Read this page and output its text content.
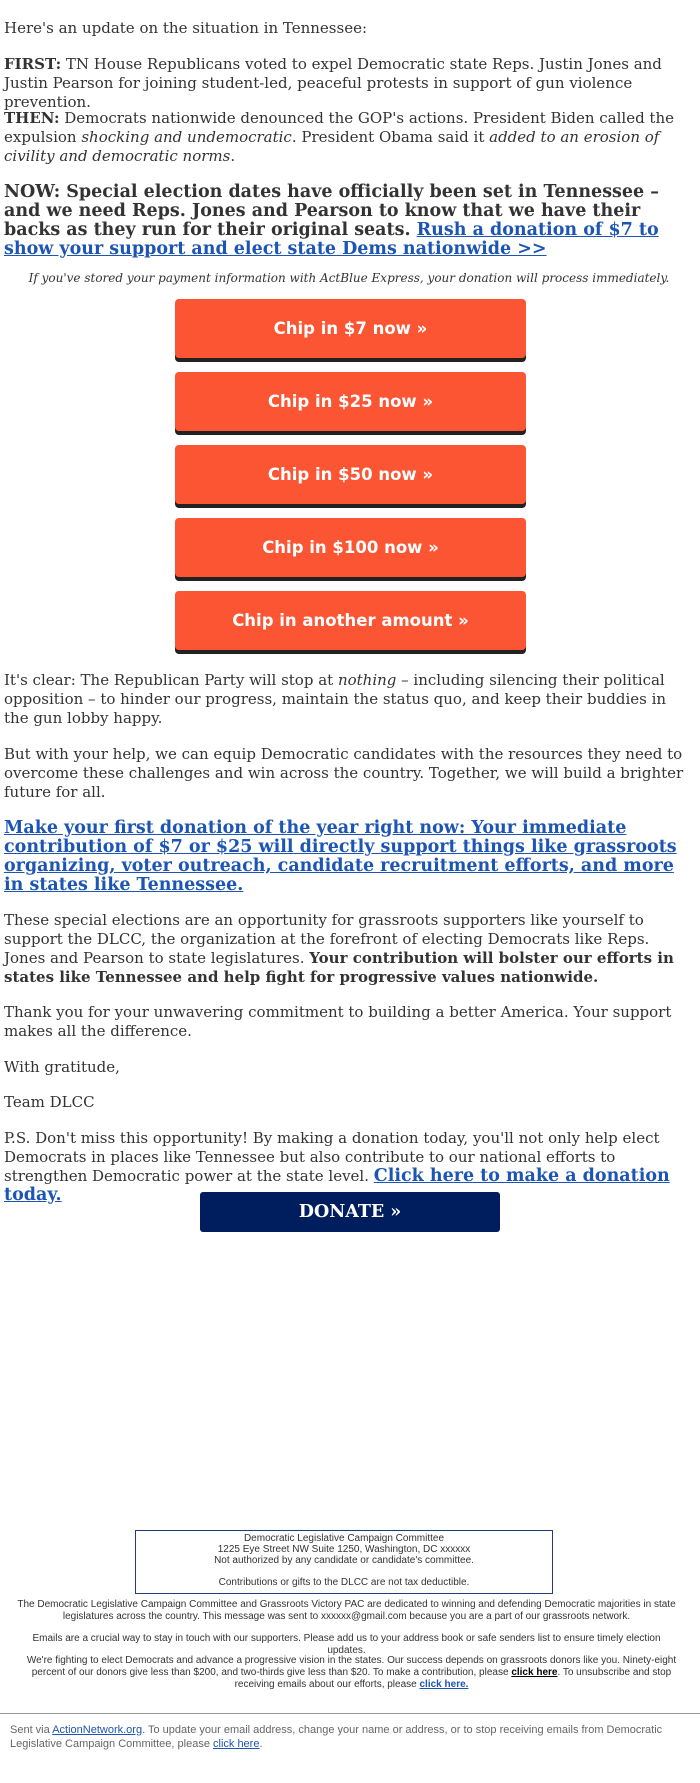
Here's an update on the situation in Tennessee:

FIRST: TN House Republicans voted to expel Democratic state Reps. Justin Jones and Justin Pearson for joining student-led, peaceful protests in support of gun violence prevention.

THEN: Democrats nationwide denounced the GOP's actions. President Biden called the expulsion shocking and undemocratic. President Obama said it added to an erosion of civility and democratic norms.

NOW: Special election dates have officially been set in Tennessee – and we need Reps. Jones and Pearson to know that we have their backs as they run for their original seats. Rush a donation of $7 to show your support and elect state Dems nationwide >>

If you've stored your payment information with ActBlue Express, your donation will process immediately.

Chip in $7 now »
Chip in $25 now »
Chip in $50 now »
Chip in $100 now »
Chip in another amount »

It's clear: The Republican Party will stop at nothing – including silencing their political opposition – to hinder our progress, maintain the status quo, and keep their buddies in the gun lobby happy.

But with your help, we can equip Democratic candidates with the resources they need to overcome these challenges and win across the country. Together, we will build a brighter future for all.

Make your first donation of the year right now: Your immediate contribution of $7 or $25 will directly support things like grassroots organizing, voter outreach, candidate recruitment efforts, and more in states like Tennessee.

These special elections are an opportunity for grassroots supporters like yourself to support the DLCC, the organization at the forefront of electing Democrats like Reps. Jones and Pearson to state legislatures. Your contribution will bolster our efforts in states like Tennessee and help fight for progressive values nationwide.

Thank you for your unwavering commitment to building a better America. Your support makes all the difference.

With gratitude,

Team DLCC

P.S. Don't miss this opportunity! By making a donation today, you'll not only help elect Democrats in places like Tennessee but also contribute to our national efforts to strengthen Democratic power at the state level. Click here to make a donation today.

DONATE »
Democratic Legislative Campaign Committee
1225 Eye Street NW Suite 1250, Washington, DC xxxxxx
Not authorized by any candidate or candidate's committee.
Contributions or gifts to the DLCC are not tax deductible.
The Democratic Legislative Campaign Committee and Grassroots Victory PAC are dedicated to winning and defending Democratic majorities in state legislatures across the country. This message was sent to xxxxxx@gmail.com because you are a part of our grassroots network.
Emails are a crucial way to stay in touch with our supporters. Please add us to your address book or safe senders list to ensure timely election updates.
We're fighting to elect Democrats and advance a progressive vision in the states. Our success depends on grassroots donors like you. Ninety-eight percent of our donors give less than $200, and two-thirds give less than $20. To make a contribution, please click here. To unsubscribe and stop receiving emails about our efforts, please click here.
Sent via ActionNetwork.org. To update your email address, change your name or address, or to stop receiving emails from Democratic Legislative Campaign Committee, please click here.
